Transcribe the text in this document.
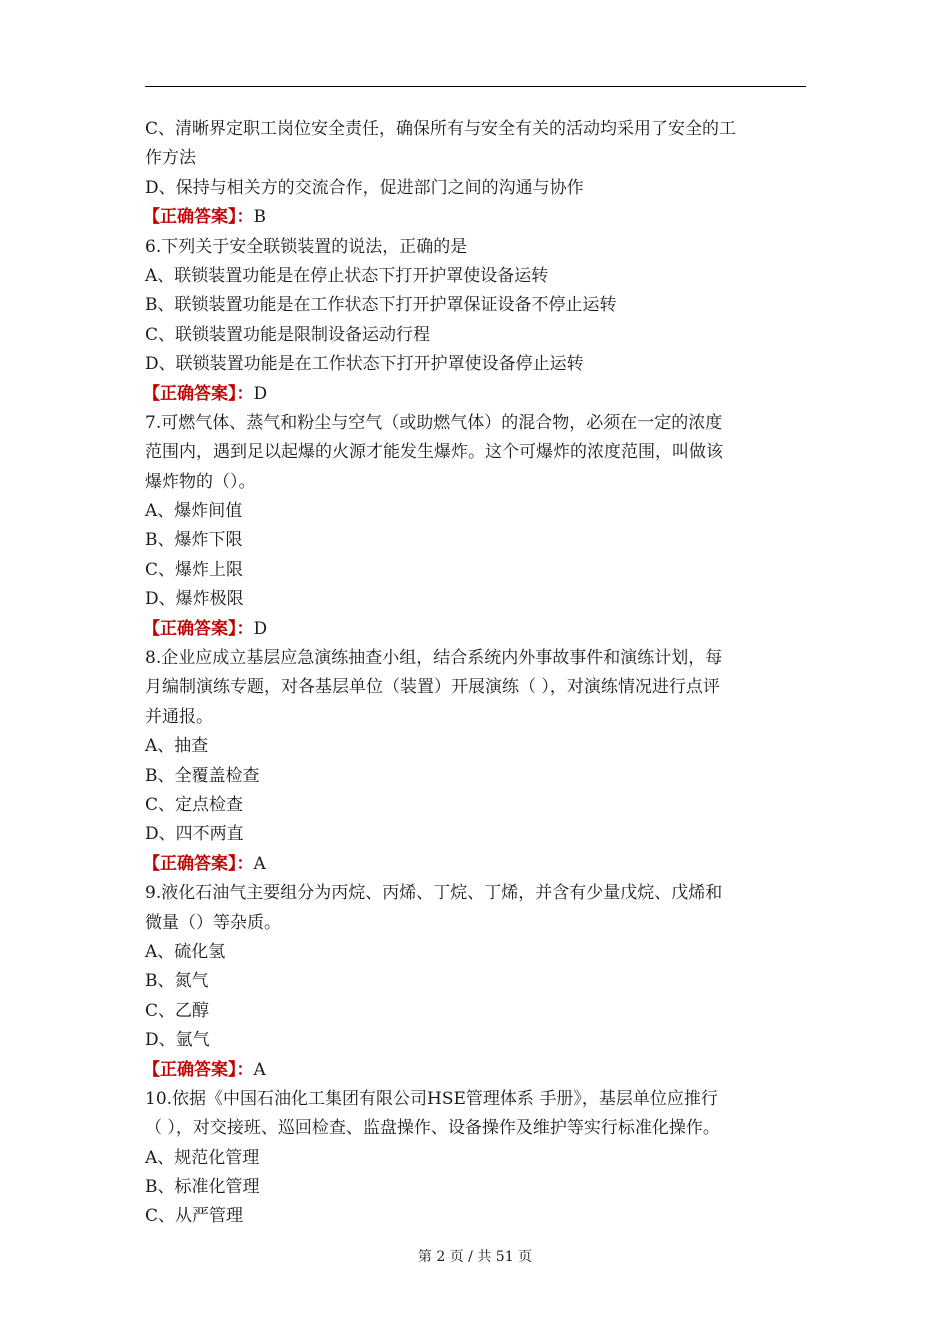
C、清晰界定职工岗位安全责任，确保所有与安全有关的活动均采用了安全的工
作方法
D、保持与相关方的交流合作，促进部门之间的沟通与协作
【正确答案】：B
6.下列关于安全联锁装置的说法，正确的是
A、联锁装置功能是在停止状态下打开护罩使设备运转
B、联锁装置功能是在工作状态下打开护罩保证设备不停止运转
C、联锁装置功能是限制设备运动行程
D、联锁装置功能是在工作状态下打开护罩使设备停止运转
【正确答案】：D
7.可燃气体、蒸气和粉尘与空气（或助燃气体）的混合物，必须在一定的浓度
范围内，遇到足以起爆的火源才能发生爆炸。这个可爆炸的浓度范围，叫做该
爆炸物的（）。
A、爆炸间值
B、爆炸下限
C、爆炸上限
D、爆炸极限
【正确答案】：D
8.企业应成立基层应急演练抽查小组，结合系统内外事故事件和演练计划，每
月编制演练专题，对各基层单位（装置）开展演练（ ），对演练情况进行点评
并通报。
A、抽查
B、全覆盖检查
C、定点检查
D、四不两直
【正确答案】：A
9.液化石油气主要组分为丙烷、丙烯、丁烷、丁烯，并含有少量戊烷、戊烯和
微量（）等杂质。
A、硫化氢
B、氮气
C、乙醇
D、氩气
【正确答案】：A
10.依据《中国石油化工集团有限公司HSE管理体系 手册》，基层单位应推行
（ ），对交接班、巡回检查、监盘操作、设备操作及维护等实行标准化操作。
A、规范化管理
B、标准化管理
C、从严管理
第 2 页 / 共 51 页
